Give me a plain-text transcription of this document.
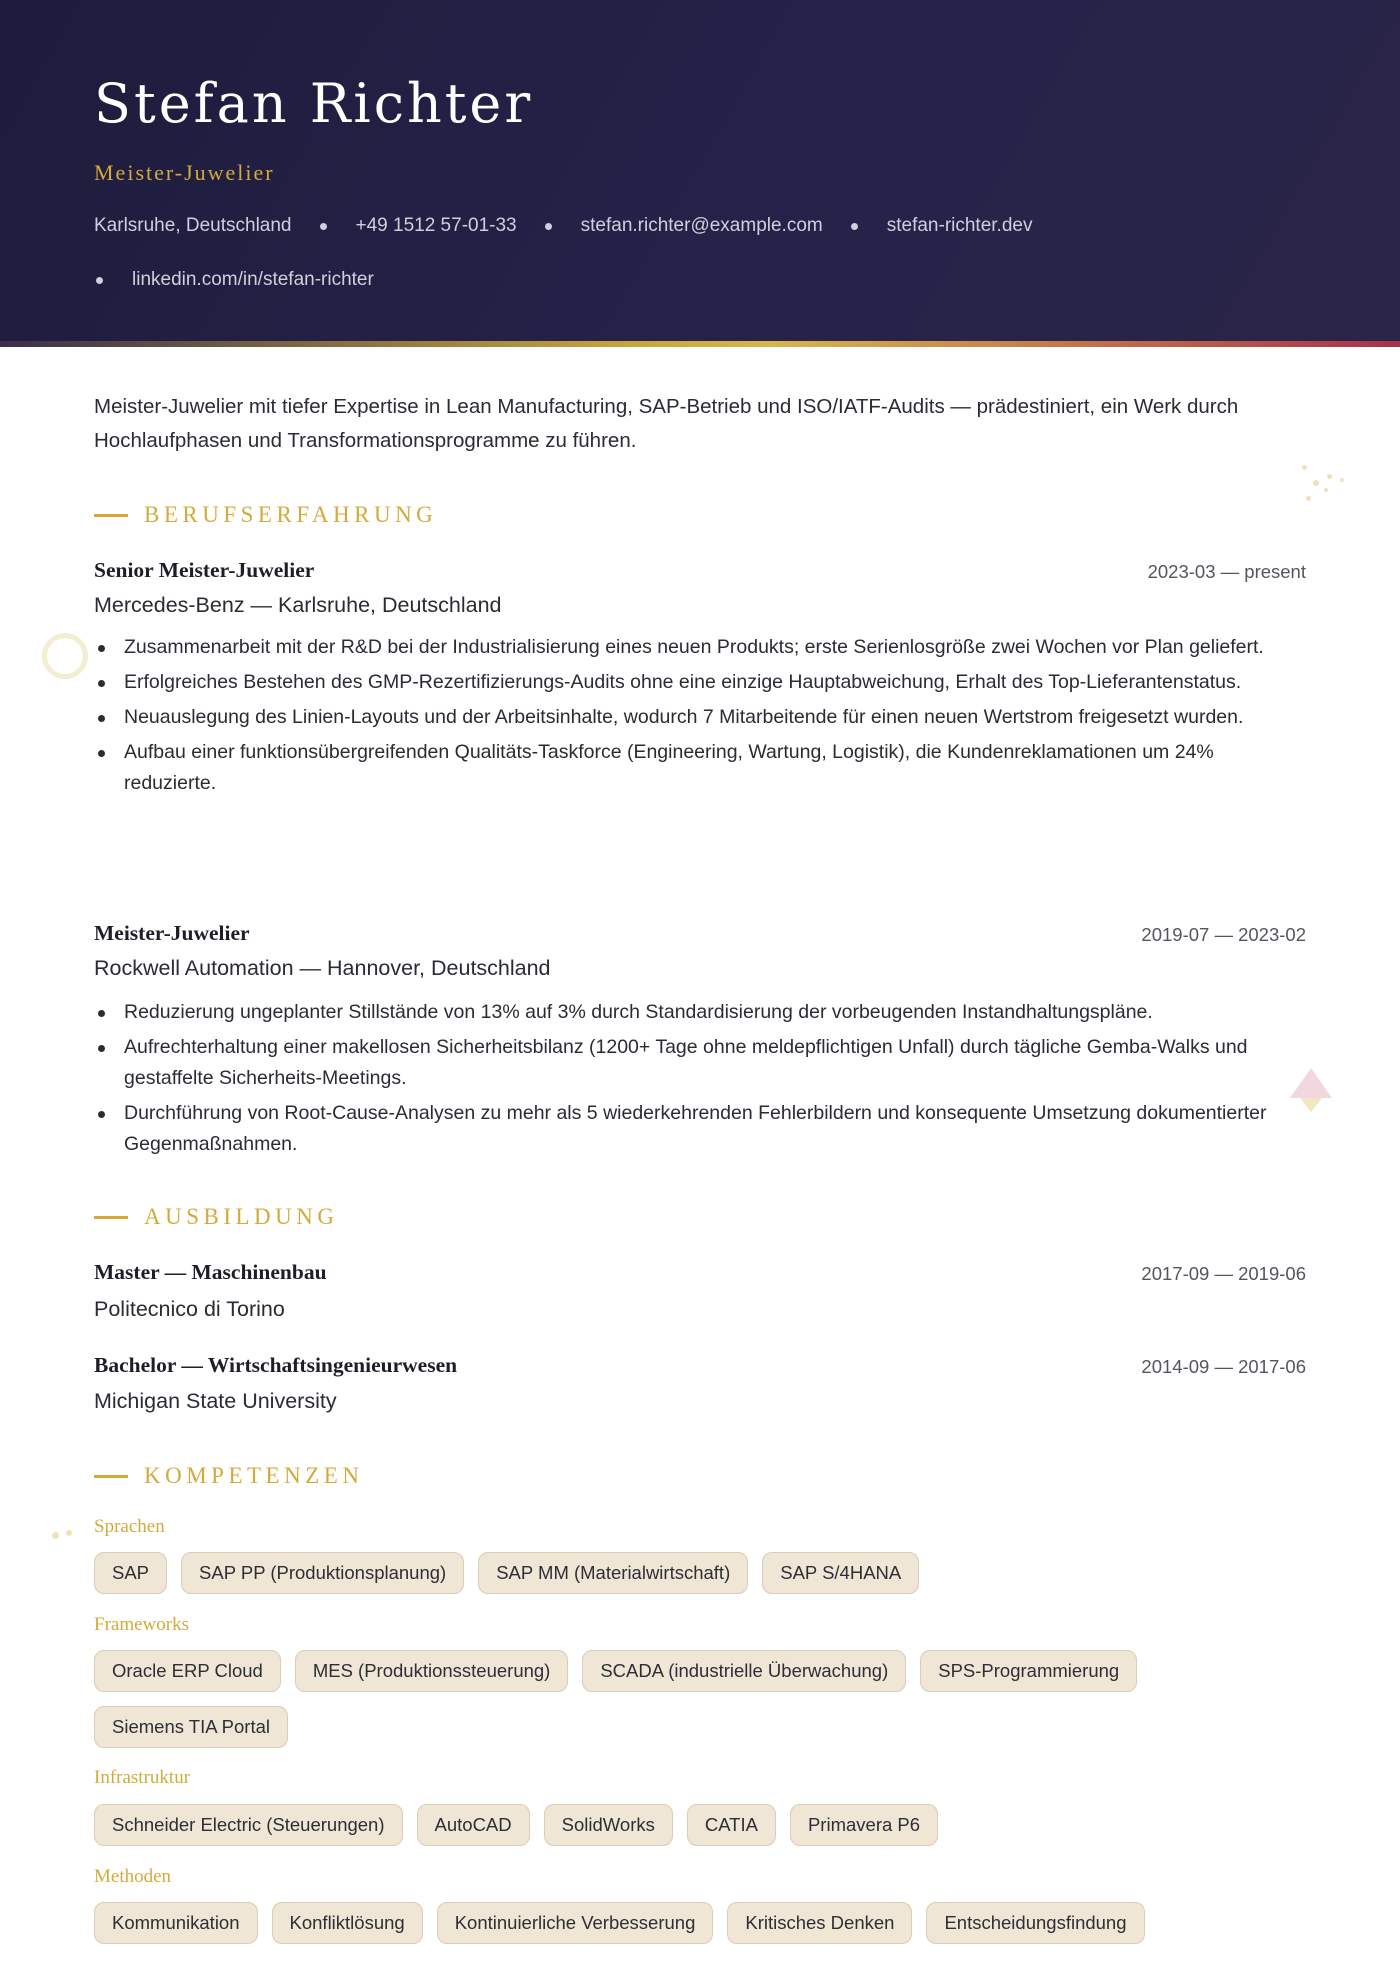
Stefan Richter
Meister-Juwelier
Karlsruhe, Deutschland	+49 1512 57-01-33	stefan.richter@example.com	stefan-richter.dev
linkedin.com/in/stefan-richter
Meister-Juwelier mit tiefer Expertise in Lean Manufacturing, SAP-Betrieb und ISO/IATF-Audits — prädestiniert, ein Werk durch Hochlaufphasen und Transformationsprogramme zu führen.
BERUFSERFAHRUNG
Senior Meister-Juwelier	2023-03 — present
Mercedes-Benz — Karlsruhe, Deutschland
Zusammenarbeit mit der R&D bei der Industrialisierung eines neuen Produkts; erste Serienlosgröße zwei Wochen vor Plan geliefert.
Erfolgreiches Bestehen des GMP-Rezertifizierungs-Audits ohne eine einzige Hauptabweichung, Erhalt des Top-Lieferantenstatus.
Neuauslegung des Linien-Layouts und der Arbeitsinhalte, wodurch 7 Mitarbeitende für einen neuen Wertstrom freigesetzt wurden.
Aufbau einer funktionsübergreifenden Qualitäts-Taskforce (Engineering, Wartung, Logistik), die Kundenreklamationen um 24% reduzierte.
Meister-Juwelier	2019-07 — 2023-02
Rockwell Automation — Hannover, Deutschland
Reduzierung ungeplanter Stillstände von 13% auf 3% durch Standardisierung der vorbeugenden Instandhaltungspläne.
Aufrechterhaltung einer makellosen Sicherheitsbilanz (1200+ Tage ohne meldepflichtigen Unfall) durch tägliche Gemba-Walks und gestaffelte Sicherheits-Meetings.
Durchführung von Root-Cause-Analysen zu mehr als 5 wiederkehrenden Fehlerbildern und konsequente Umsetzung dokumentierter Gegenmaßnahmen.
AUSBILDUNG
Master — Maschinenbau	2017-09 — 2019-06
Politecnico di Torino
Bachelor — Wirtschaftsingenieurwesen	2014-09 — 2017-06
Michigan State University
KOMPETENZEN
Sprachen
SAP	SAP PP (Produktionsplanung)	SAP MM (Materialwirtschaft)	SAP S/4HANA
Frameworks
Oracle ERP Cloud	MES (Produktionssteuerung)	SCADA (industrielle Überwachung)	SPS-Programmierung
Siemens TIA Portal
Infrastruktur
Schneider Electric (Steuerungen)	AutoCAD	SolidWorks	CATIA	Primavera P6
Methoden
Kommunikation	Konfliktlösung	Kontinuierliche Verbesserung	Kritisches Denken	Entscheidungsfindung
